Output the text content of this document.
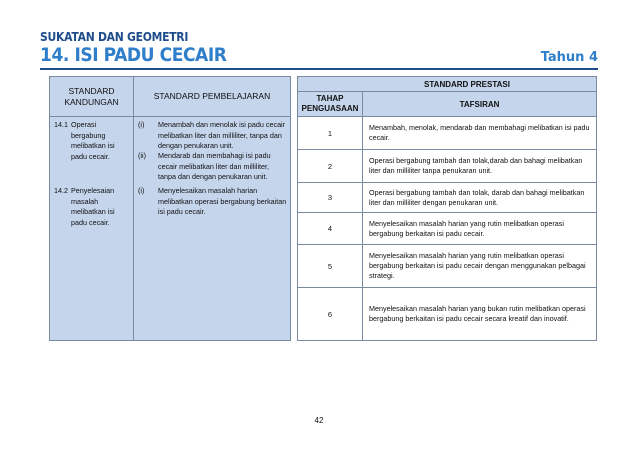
SUKATAN DAN GEOMETRI
14. ISI PADU CECAIR	Tahun 4
STANDARD KANDUNGAN
STANDARD PEMBELAJARAN
14.1 Operasi bergabung melibatkan isi padu cecair.
14.2 Penyelesaian masalah melibatkan isi padu cecair.
(i) Menambah dan menolak isi padu cecair melibatkan liter dan milliliter, tanpa dan dengan penukaran unit.
(ii) Mendarab dan membahagi isi padu cecair melibatkan liter dan milliliter, tanpa dan dengan penukaran unit.
(i) Menyelesaikan masalah harian melibatkan operasi bergabung berkaitan isi padu cecair.
STANDARD PRESTASI
TAHAP PENGUASAAN	TAFSIRAN
1
Menambah, menolak, mendarab dan membahagi melibatkan isi padu cecair.
2
Operasi bergabung tambah dan tolak,darab dan bahagi melibatkan liter dan milliliter tanpa penukaran unit.
3
Operasi bergabung tambah dan tolak, darab dan bahagi melibatkan liter dan milliliter dengan penukaran unit.
4
Menyelesaikan masalah harian yang rutin melibatkan operasi bergabung berkaitan isi padu cecair.
5
Menyelesaikan masalah harian yang rutin melibatkan operasi bergabung berkaitan isi padu cecair dengan menggunakan pelbagai strategi.
6
Menyelesaikan masalah harian yang bukan rutin melibatkan operasi bergabung berkaitan isi padu cecair secara kreatif dan inovatif.
42
